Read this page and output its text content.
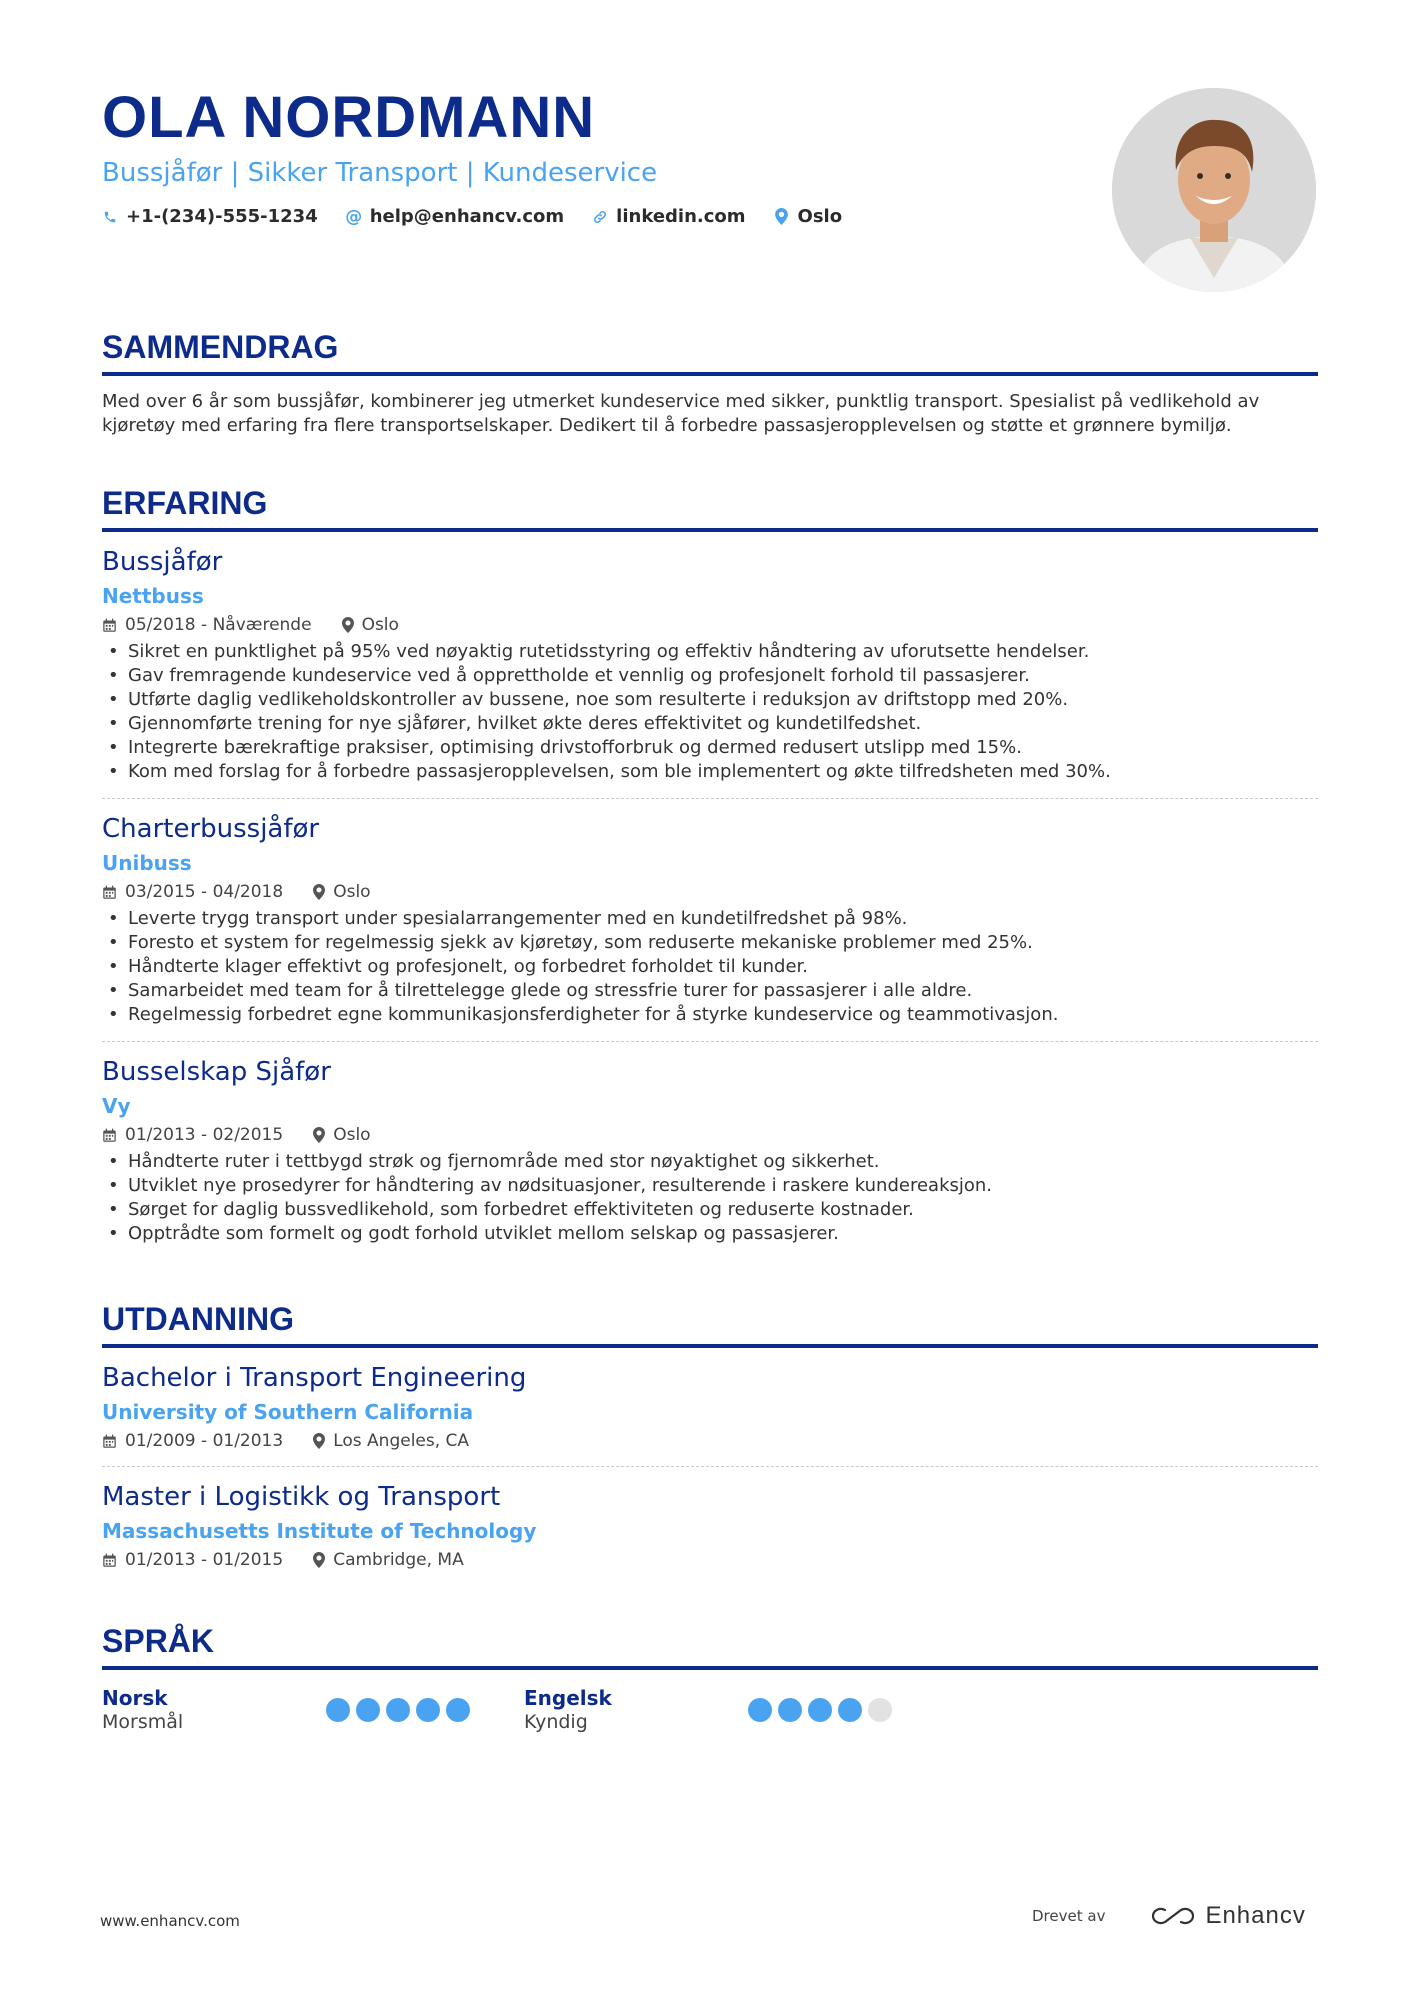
OLA NORDMANN
Bussjåfør | Sikker Transport | Kundeservice
+1-(234)-555-1234 @ help@enhancv.com	linkedin.com	Oslo
SAMMENDRAG
Med over 6 år som bussjåfør, kombinerer jeg utmerket kundeservice med sikker, punktlig transport. Spesialist på vedlikehold av kjøretøy med erfaring fra flere transportselskaper. Dedikert til å forbedre passasjeropplevelsen og støtte et grønnere bymiljø.
ERFARING
Bussjåfør
Nettbuss
05/2018 - Nåværende	Oslo
• Sikret en punktlighet på 95% ved nøyaktig rutetidsstyring og effektiv håndtering av uforutsette hendelser.
• Gav fremragende kundeservice ved å opprettholde et vennlig og profesjonelt forhold til passasjerer.
• Utførte daglig vedlikeholdskontroller av bussene, noe som resulterte i reduksjon av driftstopp med 20%.
• Gjennomførte trening for nye sjåfører, hvilket økte deres effektivitet og kundetilfedshet.
• Integrerte bærekraftige praksiser, optimising drivstofforbruk og dermed redusert utslipp med 15%.
• Kom med forslag for å forbedre passasjeropplevelsen, som ble implementert og økte tilfredsheten med 30%.
Charterbussjåfør
Unibuss
03/2015 - 04/2018	Oslo
• Leverte trygg transport under spesialarrangementer med en kundetilfredshet på 98%.
• Foresto et system for regelmessig sjekk av kjøretøy, som reduserte mekaniske problemer med 25%.
• Håndterte klager effektivt og profesjonelt, og forbedret forholdet til kunder.
• Samarbeidet med team for å tilrettelegge glede og stressfrie turer for passasjerer i alle aldre.
• Regelmessig forbedret egne kommunikasjonsferdigheter for å styrke kundeservice og teammotivasjon.
Busselskap Sjåfør
Vy
01/2013 - 02/2015	Oslo
• Håndterte ruter i tettbygd strøk og fjernområde med stor nøyaktighet og sikkerhet.
• Utviklet nye prosedyrer for håndtering av nødsituasjoner, resulterende i raskere kundereaksjon.
• Sørget for daglig bussvedlikehold, som forbedret effektiviteten og reduserte kostnader.
• Opptrådte som formelt og godt forhold utviklet mellom selskap og passasjerer.
UTDANNING
Bachelor i Transport Engineering
University of Southern California
01/2009 - 01/2013	Los Angeles, CA
Master i Logistikk og Transport
Massachusetts Institute of Technology
01/2013 - 01/2015	Cambridge, MA
SPRÅK
Norsk
Morsmål
Engelsk
Kyndig
www.enhancv.com	Drevet av	Enhancv
